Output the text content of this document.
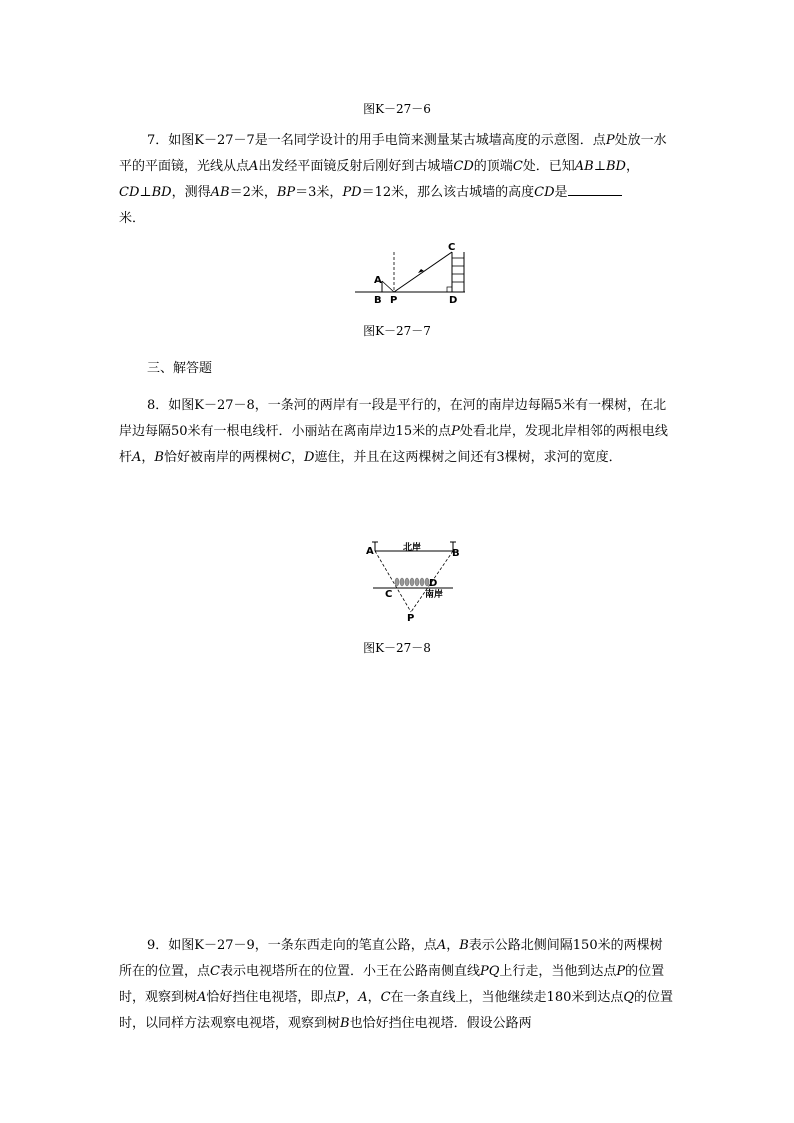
图K－27－6
7．如图K－27－7是一名同学设计的用手电筒来测量某古城墙高度的示意图．点P处放一水平的平面镜，光线从点A出发经平面镜反射后刚好到古城墙CD的顶端C处．已知AB⊥BD，CD⊥BD，测得AB＝2米，BP＝3米，PD＝12米，那么该古城墙的高度CD是
米．
C
A
B P	D
图K－27－7
三、解答题
8．如图K－27－8，一条河的两岸有一段是平行的，在河的南岸边每隔5米有一棵树，在北岸边每隔50米有一根电线杆．小丽站在离南岸边15米的点P处看北岸，发现北岸相邻的两根电线杆A，B恰好被南岸的两棵树C，D遮住，并且在这两棵树之间还有3棵树，求河的宽度．
A	B
北岸
C
D
南岸
P
图K－27－8
9．如图K－27－9，一条东西走向的笔直公路，点A，B表示公路北侧间隔150米的两棵树所在的位置，点C表示电视塔所在的位置．小王在公路南侧直线PQ上行走，当他到达点P的位置时，观察到树A恰好挡住电视塔，即点P，A，C在一条直线上，当他继续走180米到达点Q的位置时，以同样方法观察电视塔，观察到树B也恰好挡住电视塔．假设公路两
